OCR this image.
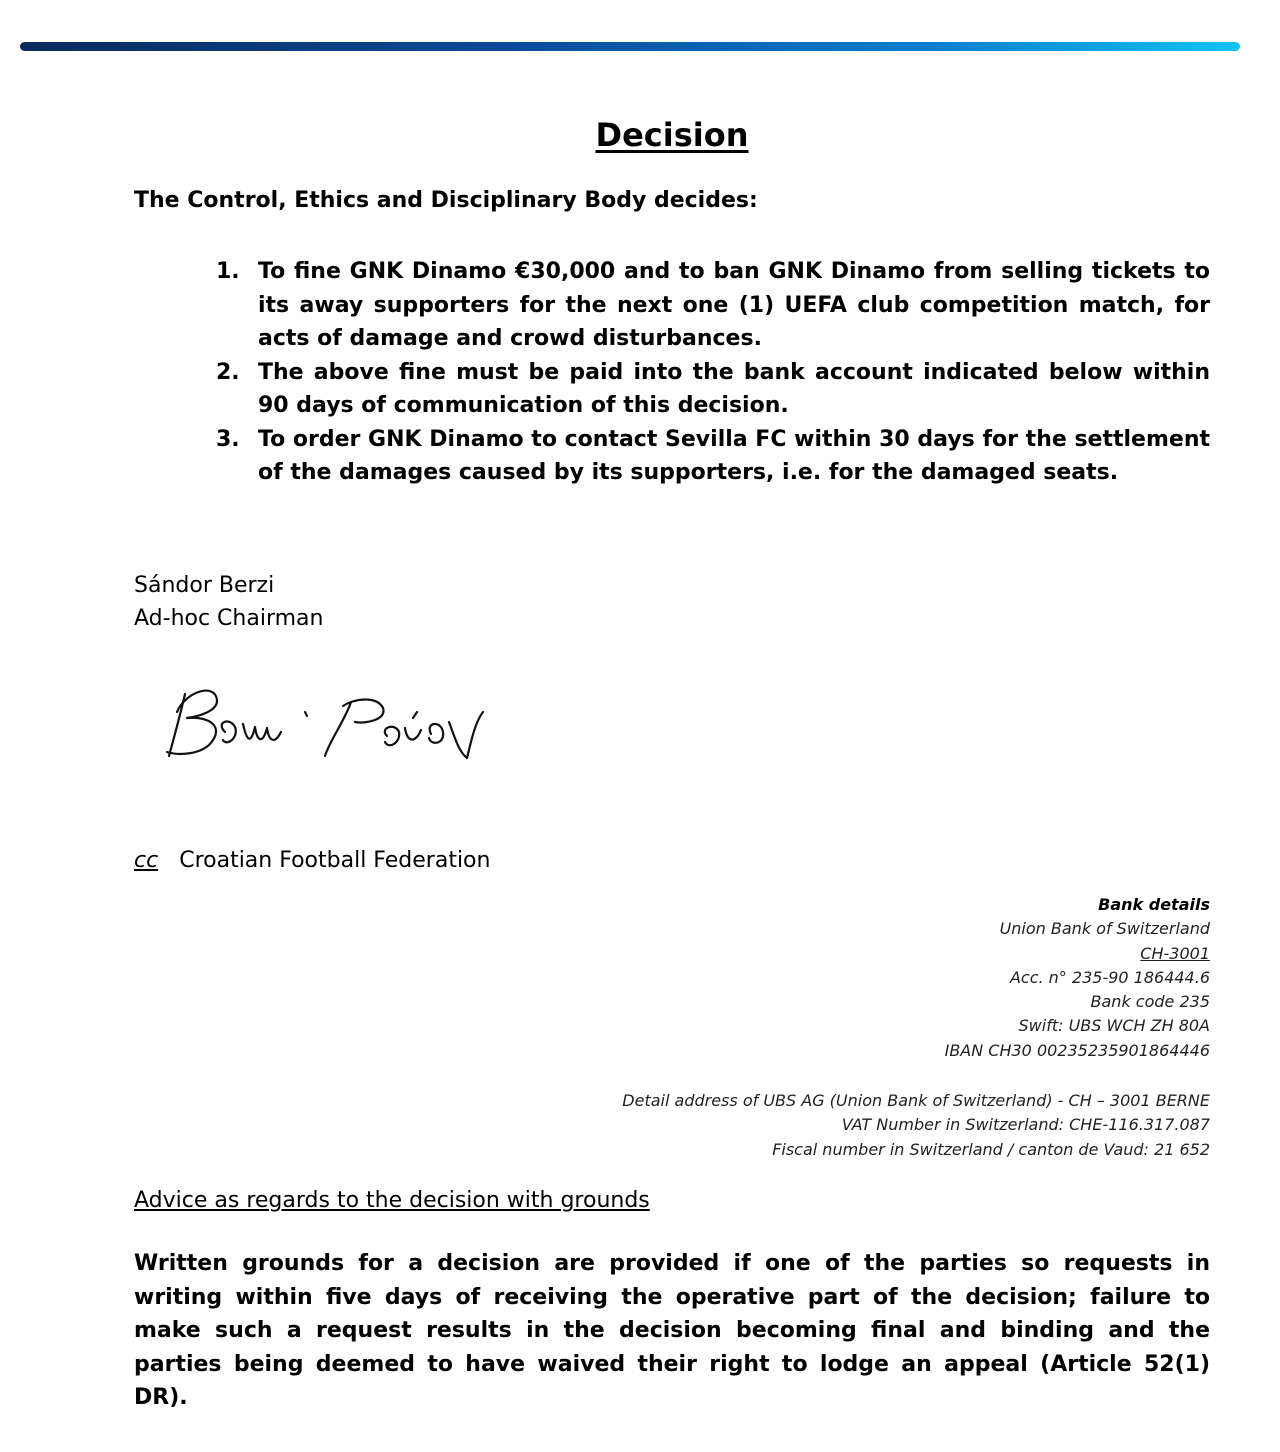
Decision
The Control, Ethics and Disciplinary Body decides:
1. To fine GNK Dinamo €30,000 and to ban GNK Dinamo from selling tickets to its away supporters for the next one (1) UEFA club competition match, for acts of damage and crowd disturbances.
2. The above fine must be paid into the bank account indicated below within 90 days of communication of this decision.
3. To order GNK Dinamo to contact Sevilla FC within 30 days for the settlement of the damages caused by its supporters, i.e. for the damaged seats.
Sándor Berzi
Ad-hoc Chairman
cc Croatian Football Federation
Bank details
Union Bank of Switzerland
CH-3001
Acc. n° 235-90 186444.6
Bank code 235
Swift: UBS WCH ZH 80A
IBAN CH30 00235235901864446
Detail address of UBS AG (Union Bank of Switzerland) - CH – 3001 BERNE
VAT Number in Switzerland: CHE-116.317.087
Fiscal number in Switzerland / canton de Vaud: 21 652
Advice as regards to the decision with grounds
Written grounds for a decision are provided if one of the parties so requests in writing within five days of receiving the operative part of the decision; failure to make such a request results in the decision becoming final and binding and the parties being deemed to have waived their right to lodge an appeal (Article 52(1) DR).
